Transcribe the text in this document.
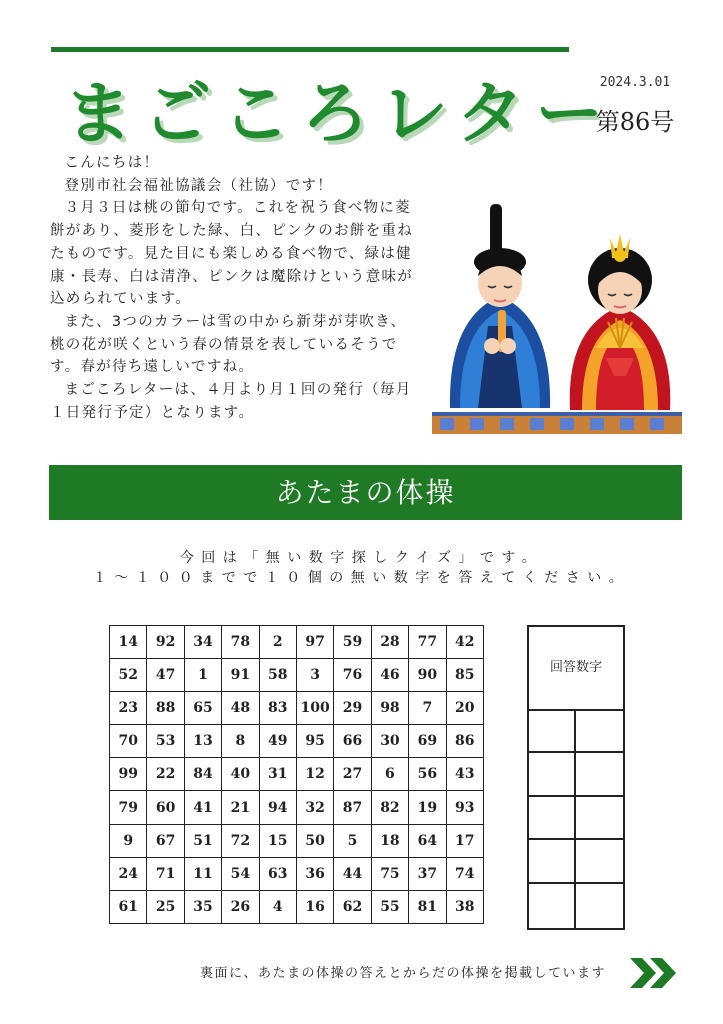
まごころレター
2024.3.01
第86号

こんにちは！

登別市社会福祉協議会（社協）です！

３月３日は桃の節句です。これを祝う食べ物に菱餅があり、菱形をした緑、白、ピンクのお餅を重ねたものです。見た目にも楽しめる食べ物で、緑は健康・長寿、白は清浄、ピンクは魔除けという意味が込められています。

また、3つのカラーは雪の中から新芽が芽吹き、桃の花が咲くという春の情景を表しているそうです。春が待ち遠しいですね。

まごころレターは、４月より月１回の発行（毎月１日発行予定）となります。

あたまの体操
今回は「無い数字探しクイズ」です。
１～１００までで１０個の無い数字を答えてください。
14	92	34	78	2	97	59	28	77	42
52	47	1	91	58	3	76	46	90	85
23	88	65	48	83	100	29	98	7	20
70	53	13	8	49	95	66	30	69	86
99	22	84	40	31	12	27	6	56	43
79	60	41	21	94	32	87	82	19	93
9	67	51	72	15	50	5	18	64	17
24	71	11	54	63	36	44	75	37	74
61	25	35	26	4	16	62	55	81	38
回答数字
裏面に、あたまの体操の答えとからだの体操を掲載しています
